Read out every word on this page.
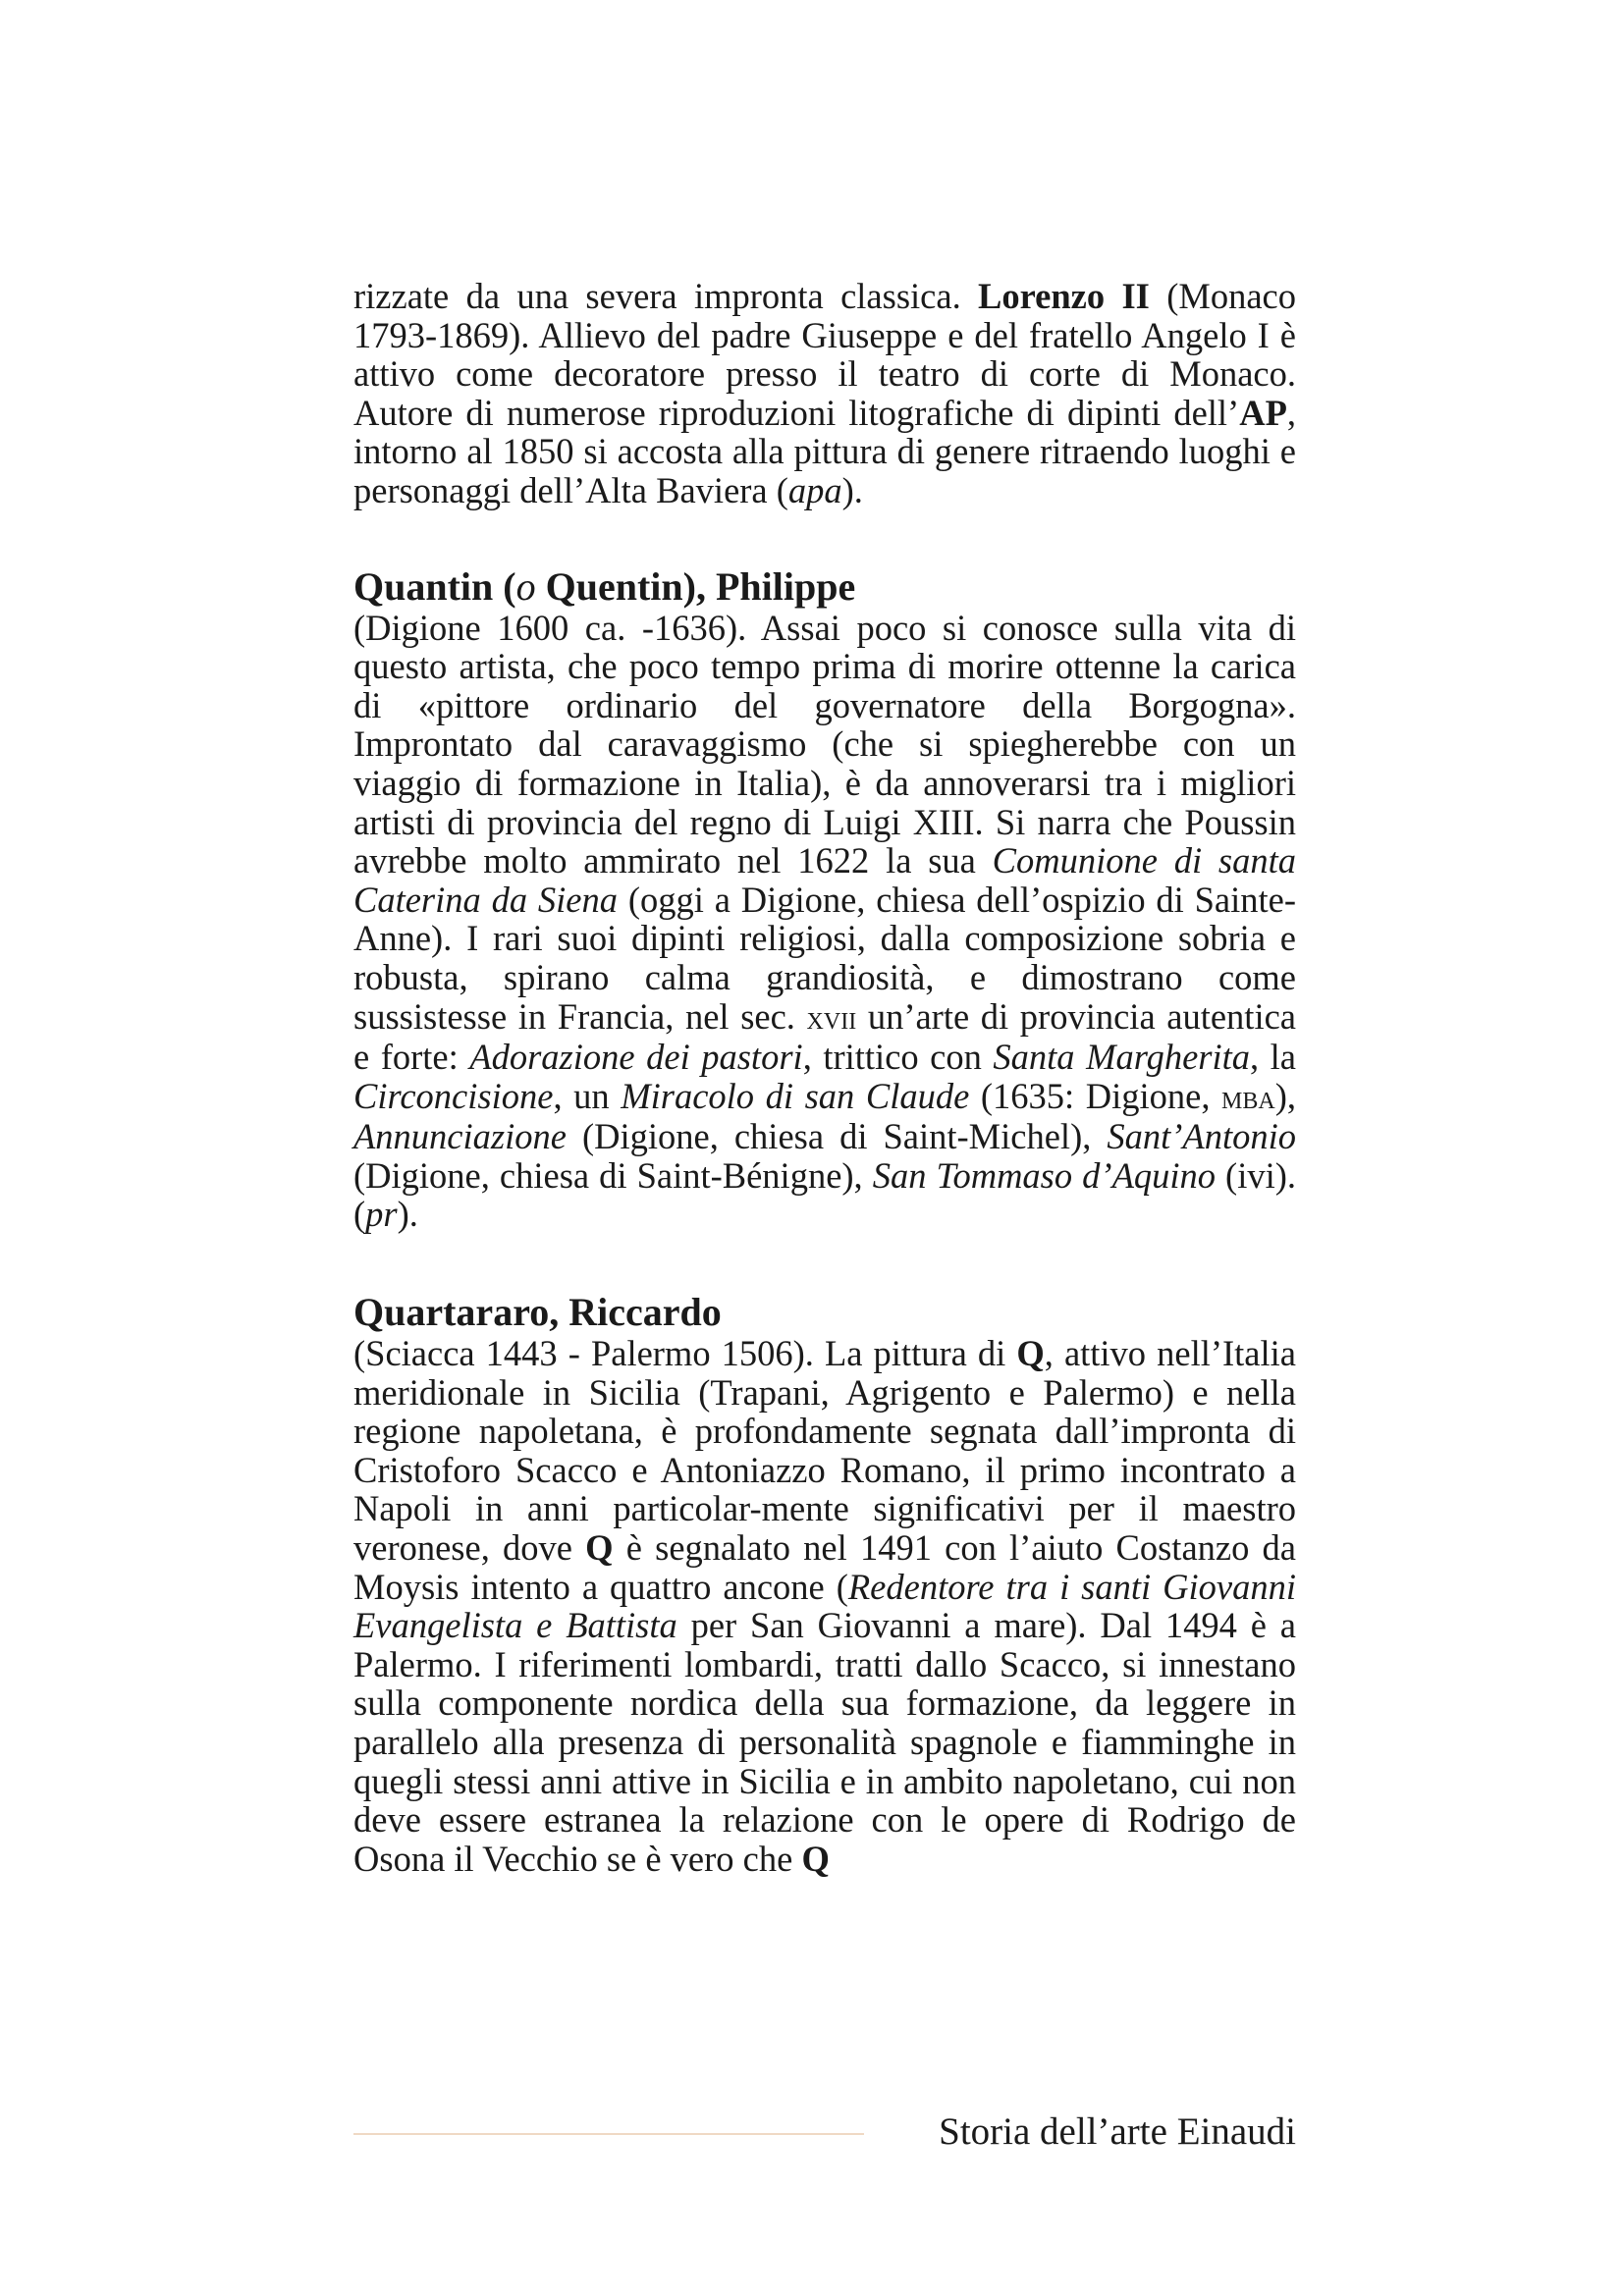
rizzate da una severa impronta classica. Lorenzo II (Monaco 1793-1869). Allievo del padre Giuseppe e del fratello Angelo I è attivo come decoratore presso il teatro di corte di Monaco. Autore di numerose riproduzioni litografiche di dipinti dell’AP, intorno al 1850 si accosta alla pittura di genere ritraendo luoghi e personaggi dell’Alta Baviera (apa).

Quantin (o Quentin), Philippe

(Digione 1600 ca. -1636). Assai poco si conosce sulla vita di questo artista, che poco tempo prima di morire ottenne la carica di «pittore ordinario del governatore della Borgogna». Improntato dal caravaggismo (che si spiegherebbe con un viaggio di formazione in Italia), è da annoverarsi tra i migliori artisti di provincia del regno di Luigi XIII. Si narra che Poussin avrebbe molto ammirato nel 1622 la sua Comunione di santa Caterina da Siena (oggi a Digione, chiesa dell’ospizio di Sainte-Anne). I rari suoi dipinti religiosi, dalla composizione sobria e robusta, spirano calma grandiosità, e dimostrano come sussistesse in Francia, nel sec. xvii un’arte di provincia autentica e forte: Adorazione dei pastori, trittico con Santa Margherita, la Circoncisione, un Miracolo di san Claude (1635: Digione, mba), Annunciazione (Digione, chiesa di Saint-Michel), Sant’Antonio (Digione, chiesa di Saint-Bénigne), San Tommaso d’Aquino (ivi). (pr).

Quartararo, Riccardo

(Sciacca 1443 - Palermo 1506). La pittura di Q, attivo nell’Italia meridionale in Sicilia (Trapani, Agrigento e Palermo) e nella regione napoletana, è profondamente segnata dall’impronta di Cristoforo Scacco e Antoniazzo Romano, il primo incontrato a Napoli in anni particolar-mente significativi per il maestro veronese, dove Q è segnalato nel 1491 con l’aiuto Costanzo da Moysis intento a quattro ancone (Redentore tra i santi Giovanni Evangelista e Battista per San Giovanni a mare). Dal 1494 è a Palermo. I riferimenti lombardi, tratti dallo Scacco, si innestano sulla componente nordica della sua formazione, da leggere in parallelo alla presenza di personalità spagnole e fiamminghe in quegli stessi anni attive in Sicilia e in ambito napoletano, cui non deve essere estranea la relazione con le opere di Rodrigo de Osona il Vecchio se è vero che Q

Storia dell’arte Einaudi
